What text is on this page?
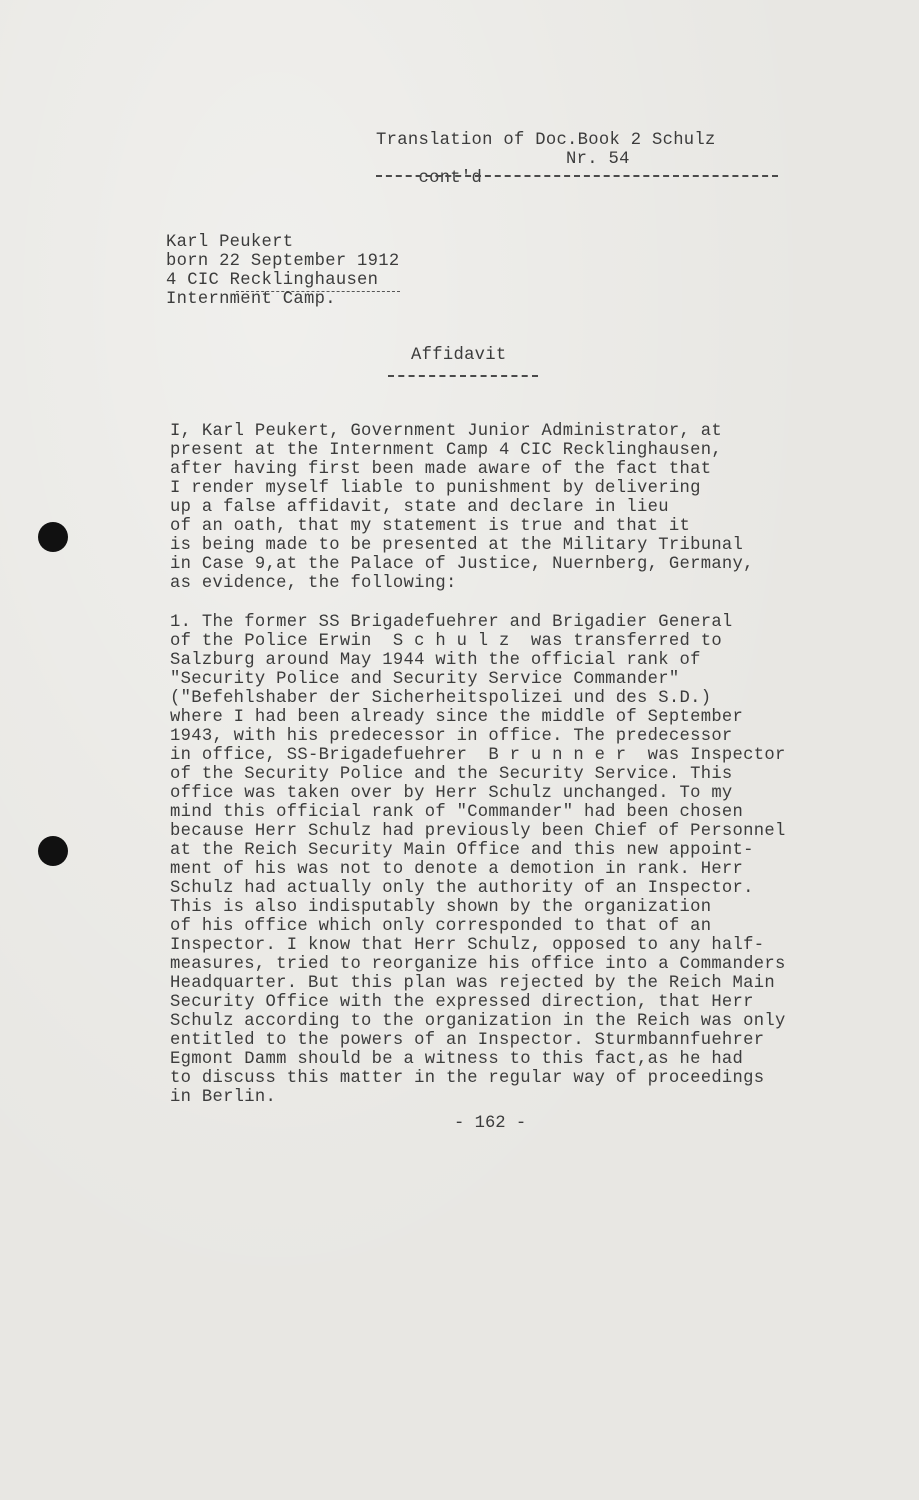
Translation of Doc.Book 2 Schulz

cont'd

Nr. 54

Karl Peukert
born 22 September 1912
4 CIC Recklinghausen
Internment Camp.
Affidavit
I, Karl Peukert, Government Junior Administrator, at
present at the Internment Camp 4 CIC Recklinghausen,
after having first been made aware of the fact that
I render myself liable to punishment by delivering
up a false affidavit, state and declare in lieu
of an oath, that my statement is true and that it
is being made to be presented at the Military Tribunal
in Case 9,at the Palace of Justice, Nuernberg, Germany,
as evidence, the following:
1. The former SS Brigadefuehrer and Brigadier General
of the Police Erwin  S c h u l z  was transferred to
Salzburg around May 1944 with the official rank of
"Security Police and Security Service Commander"
("Befehlshaber der Sicherheitspolizei und des S.D.)
where I had been already since the middle of September
1943, with his predecessor in office. The predecessor
in office, SS-Brigadefuehrer  B r u n n e r  was Inspector
of the Security Police and the Security Service. This
office was taken over by Herr Schulz unchanged. To my
mind this official rank of "Commander" had been chosen
because Herr Schulz had previously been Chief of Personnel
at the Reich Security Main Office and this new appoint-
ment of his was not to denote a demotion in rank. Herr
Schulz had actually only the authority of an Inspector.
This is also indisputably shown by the organization
of his office which only corresponded to that of an
Inspector. I know that Herr Schulz, opposed to any half-
measures, tried to reorganize his office into a Commanders
Headquarter. But this plan was rejected by the Reich Main
Security Office with the expressed direction, that Herr
Schulz according to the organization in the Reich was only
entitled to the powers of an Inspector. Sturmbannfuehrer
Egmont Damm should be a witness to this fact,as he had
to discuss this matter in the regular way of proceedings
in Berlin.
- 162 -
